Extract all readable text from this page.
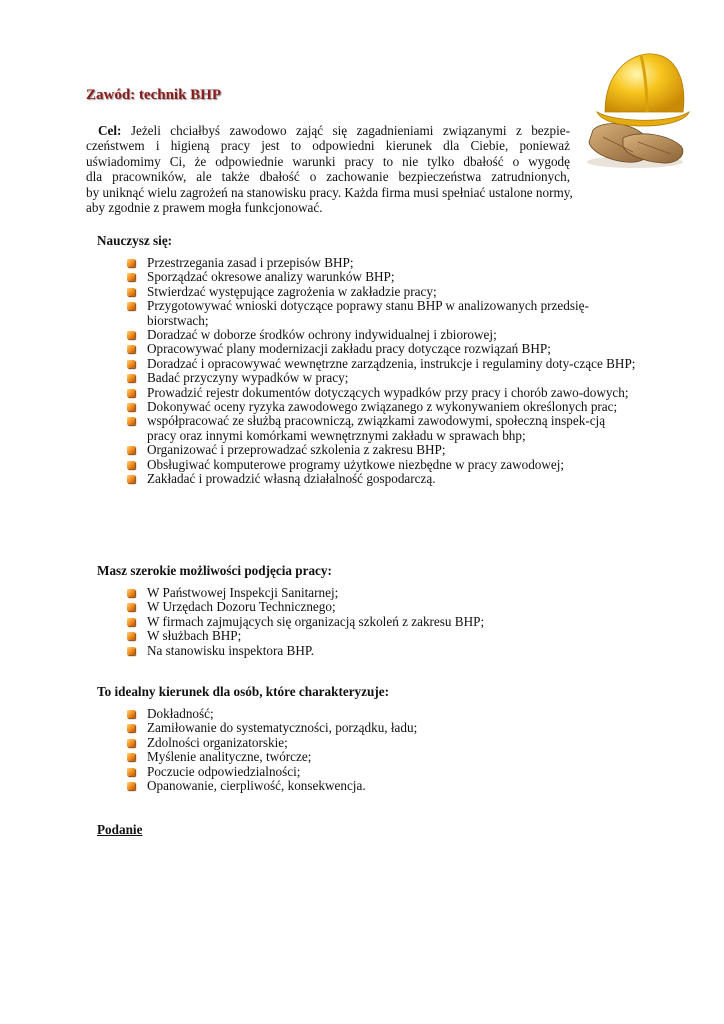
Zawód: technik BHP
Cel: Jeżeli chciałbyś zawodowo zająć się zagadnieniami związanymi z bezpie-
czeństwem i higieną pracy jest to odpowiedni kierunek dla Ciebie, ponieważ
uświadomimy Ci, że odpowiednie warunki pracy to nie tylko dbałość o wygodę
dla pracowników, ale także dbałość o zachowanie bezpieczeństwa zatrudnionych,
by uniknąć wielu zagrożeń na stanowisku pracy. Każda firma musi spełniać ustalone normy,
aby zgodnie z prawem mogła funkcjonować.
Nauczysz się:
Przestrzegania zasad i przepisów BHP;
Sporządzać okresowe analizy warunków BHP;
Stwierdzać występujące zagrożenia w zakładzie pracy;
Przygotowywać wnioski dotyczące poprawy stanu BHP w analizowanych przedsię-biorstwach;
Doradzać w doborze środków ochrony indywidualnej i zbiorowej;
Opracowywać plany modernizacji zakładu pracy dotyczące rozwiązań BHP;
Doradzać i opracowywać wewnętrzne zarządzenia, instrukcje i regulaminy doty-czące BHP;
Badać przyczyny wypadków w pracy;
Prowadzić rejestr dokumentów dotyczących wypadków przy pracy i chorób zawo-dowych;
Dokonywać oceny ryzyka zawodowego związanego z wykonywaniem określonych prac;
współpracować ze służbą pracowniczą, związkami zawodowymi, społeczną inspek-cją pracy oraz innymi komórkami wewnętrznymi zakładu w sprawach bhp;
Organizować i przeprowadzać szkolenia z zakresu BHP;
Obsługiwać komputerowe programy użytkowe niezbędne w pracy zawodowej;
Zakładać i prowadzić własną działalność gospodarczą.
Masz szerokie możliwości podjęcia pracy:
W Państwowej Inspekcji Sanitarnej;
W Urzędach Dozoru Technicznego;
W firmach zajmujących się organizacją szkoleń z zakresu BHP;
W służbach BHP;
Na stanowisku inspektora BHP.
To idealny kierunek dla osób, które charakteryzuje:
Dokładność;
Zamiłowanie do systematyczności, porządku, ładu;
Zdolności organizatorskie;
Myślenie analityczne, twórcze;
Poczucie odpowiedzialności;
Opanowanie, cierpliwość, konsekwencja.
Podanie
